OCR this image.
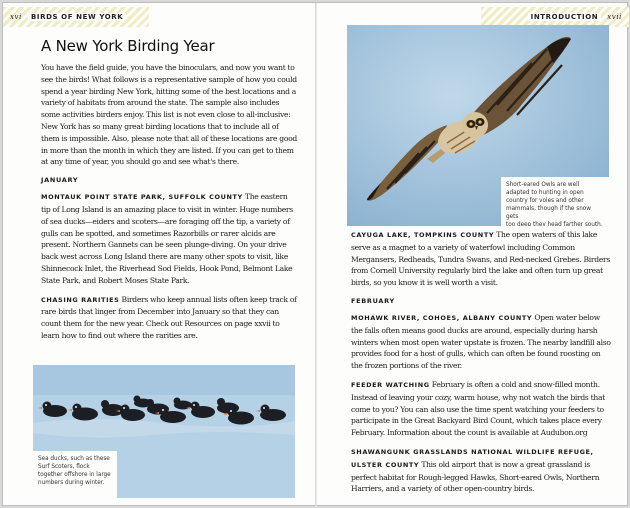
xvi BIRDS OF NEW YORK
A New York Birding Year

You have the field guide, you have the binoculars, and now you want to see the birds! What follows is a representative sample of how you could spend a year birding New York, hitting some of the best locations and a variety of habitats from around the state. The sample also includes some activities birders enjoy. This list is not even close to all-inclusive: New York has so many great birding locations that to include all of them is impossible. Also, please note that all of these locations are good in more than the month in which they are listed. If you can get to them at any time of year, you should go and see what's there.

JANUARY

MONTAUK POINT STATE PARK, SUFFOLK COUNTY The eastern tip of Long Island is an amazing place to visit in winter. Huge numbers of sea ducks—eiders and scoters—are foraging off the tip, a variety of gulls can be spotted, and sometimes Razorbills or rarer alcids are present. Northern Gannets can be seen plunge-diving. On your drive back west across Long Island there are many other spots to visit, like Shinnecock Inlet, the Riverhead Sod Fields, Hook Pond, Belmont Lake State Park, and Robert Moses State Park.

CHASING RARITIES Birders who keep annual lists often keep track of rare birds that linger from December into January so that they can count them for the new year. Check out Resources on page xxvii to learn how to find out where the rarities are.

Sea ducks, such as these
Surf Scoters, flock
together offshore in large
numbers during winter.
INTRODUCTION xvii
Short-eared Owls are well
adapted to hunting in open
country for voles and other
mammals, though if the snow gets
too deep they head farther south.

CAYUGA LAKE, TOMPKINS COUNTY The open waters of this lake serve as a magnet to a variety of waterfowl including Common Mergansers, Redheads, Tundra Swans, and Red-necked Grebes. Birders from Cornell University regularly bird the lake and often turn up great birds, so you know it is well worth a visit.

FEBRUARY

MOHAWK RIVER, COHOES, ALBANY COUNTY Open water below the falls often means good ducks are around, especially during harsh winters when most open water upstate is frozen. The nearby landfill also provides food for a host of gulls, which can often be found roosting on the frozen portions of the river.

FEEDER WATCHING February is often a cold and snow-filled month. Instead of leaving your cozy, warm house, why not watch the birds that come to you? You can also use the time spent watching your feeders to participate in the Great Backyard Bird Count, which takes place every February. Information about the count is available at Audubon.org

SHAWANGUNK GRASSLANDS NATIONAL WILDLIFE REFUGE, ULSTER COUNTY This old airport that is now a great grassland is perfect habitat for Rough-legged Hawks, Short-eared Owls, Northern Harriers, and a variety of other open-country birds.
